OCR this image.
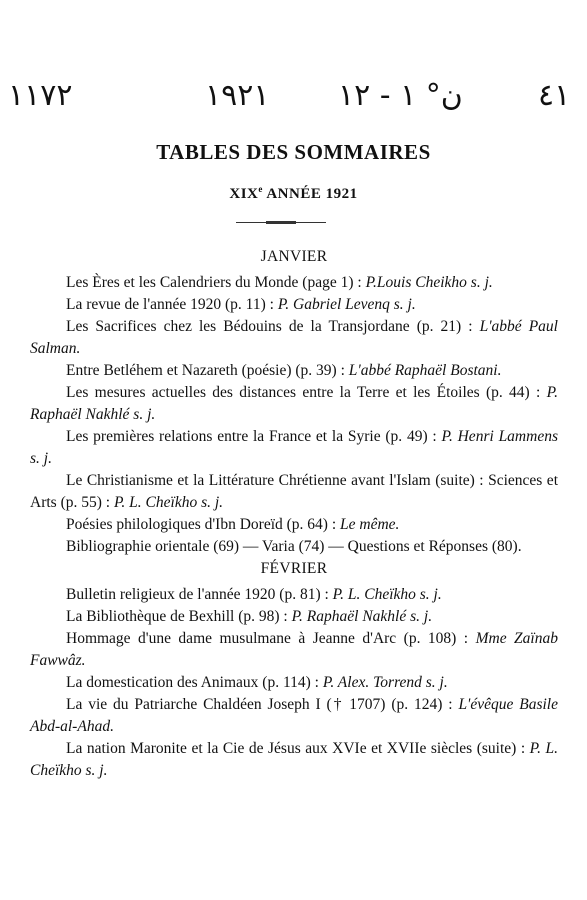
١١٧٢	١٩٢١ ن° ١ - ١٢	٤١
TABLES DES SOMMAIRES
XIXe ANNÉE 1921
JANVIER

Les Ères et les Calendriers du Monde (page 1) : P.Louis Cheikho s. j.

La revue de l'année 1920 (p. 11) : P. Gabriel Levenq s. j.

Les Sacrifices chez les Bédouins de la Transjordane (p. 21) : L'abbé Paul Salman.

Entre Betléhem et Nazareth (poésie) (p. 39) : L'abbé Raphaël Bostani.

Les mesures actuelles des distances entre la Terre et les Étoiles (p. 44) : P. Raphaël Nakhlé s. j.

Les premières relations entre la France et la Syrie (p. 49) : P. Henri Lammens s. j.

Le Christianisme et la Littérature Chrétienne avant l'Islam (suite) : Sciences et Arts (p. 55) : P. L. Cheïkho s. j.

Poésies philologiques d'Ibn Doreïd (p. 64) : Le même.

Bibliographie orientale (69) — Varia (74) — Questions et Réponses (80).

FÉVRIER

Bulletin religieux de l'année 1920 (p. 81) : P. L. Cheïkho s. j.

La Bibliothèque de Bexhill (p. 98) : P. Raphaël Nakhlé s. j.

Hommage d'une dame musulmane à Jeanne d'Arc (p. 108) : Mme Zaïnab Fawwâz.

La domestication des Animaux (p. 114) : P. Alex. Torrend s. j.

La vie du Patriarche Chaldéen Joseph I († 1707) (p. 124) : L'évêque Basile Abd-al-Ahad.

La nation Maronite et la Cie de Jésus aux XVIe et XVIIe siècles (suite) : P. L. Cheïkho s. j.
